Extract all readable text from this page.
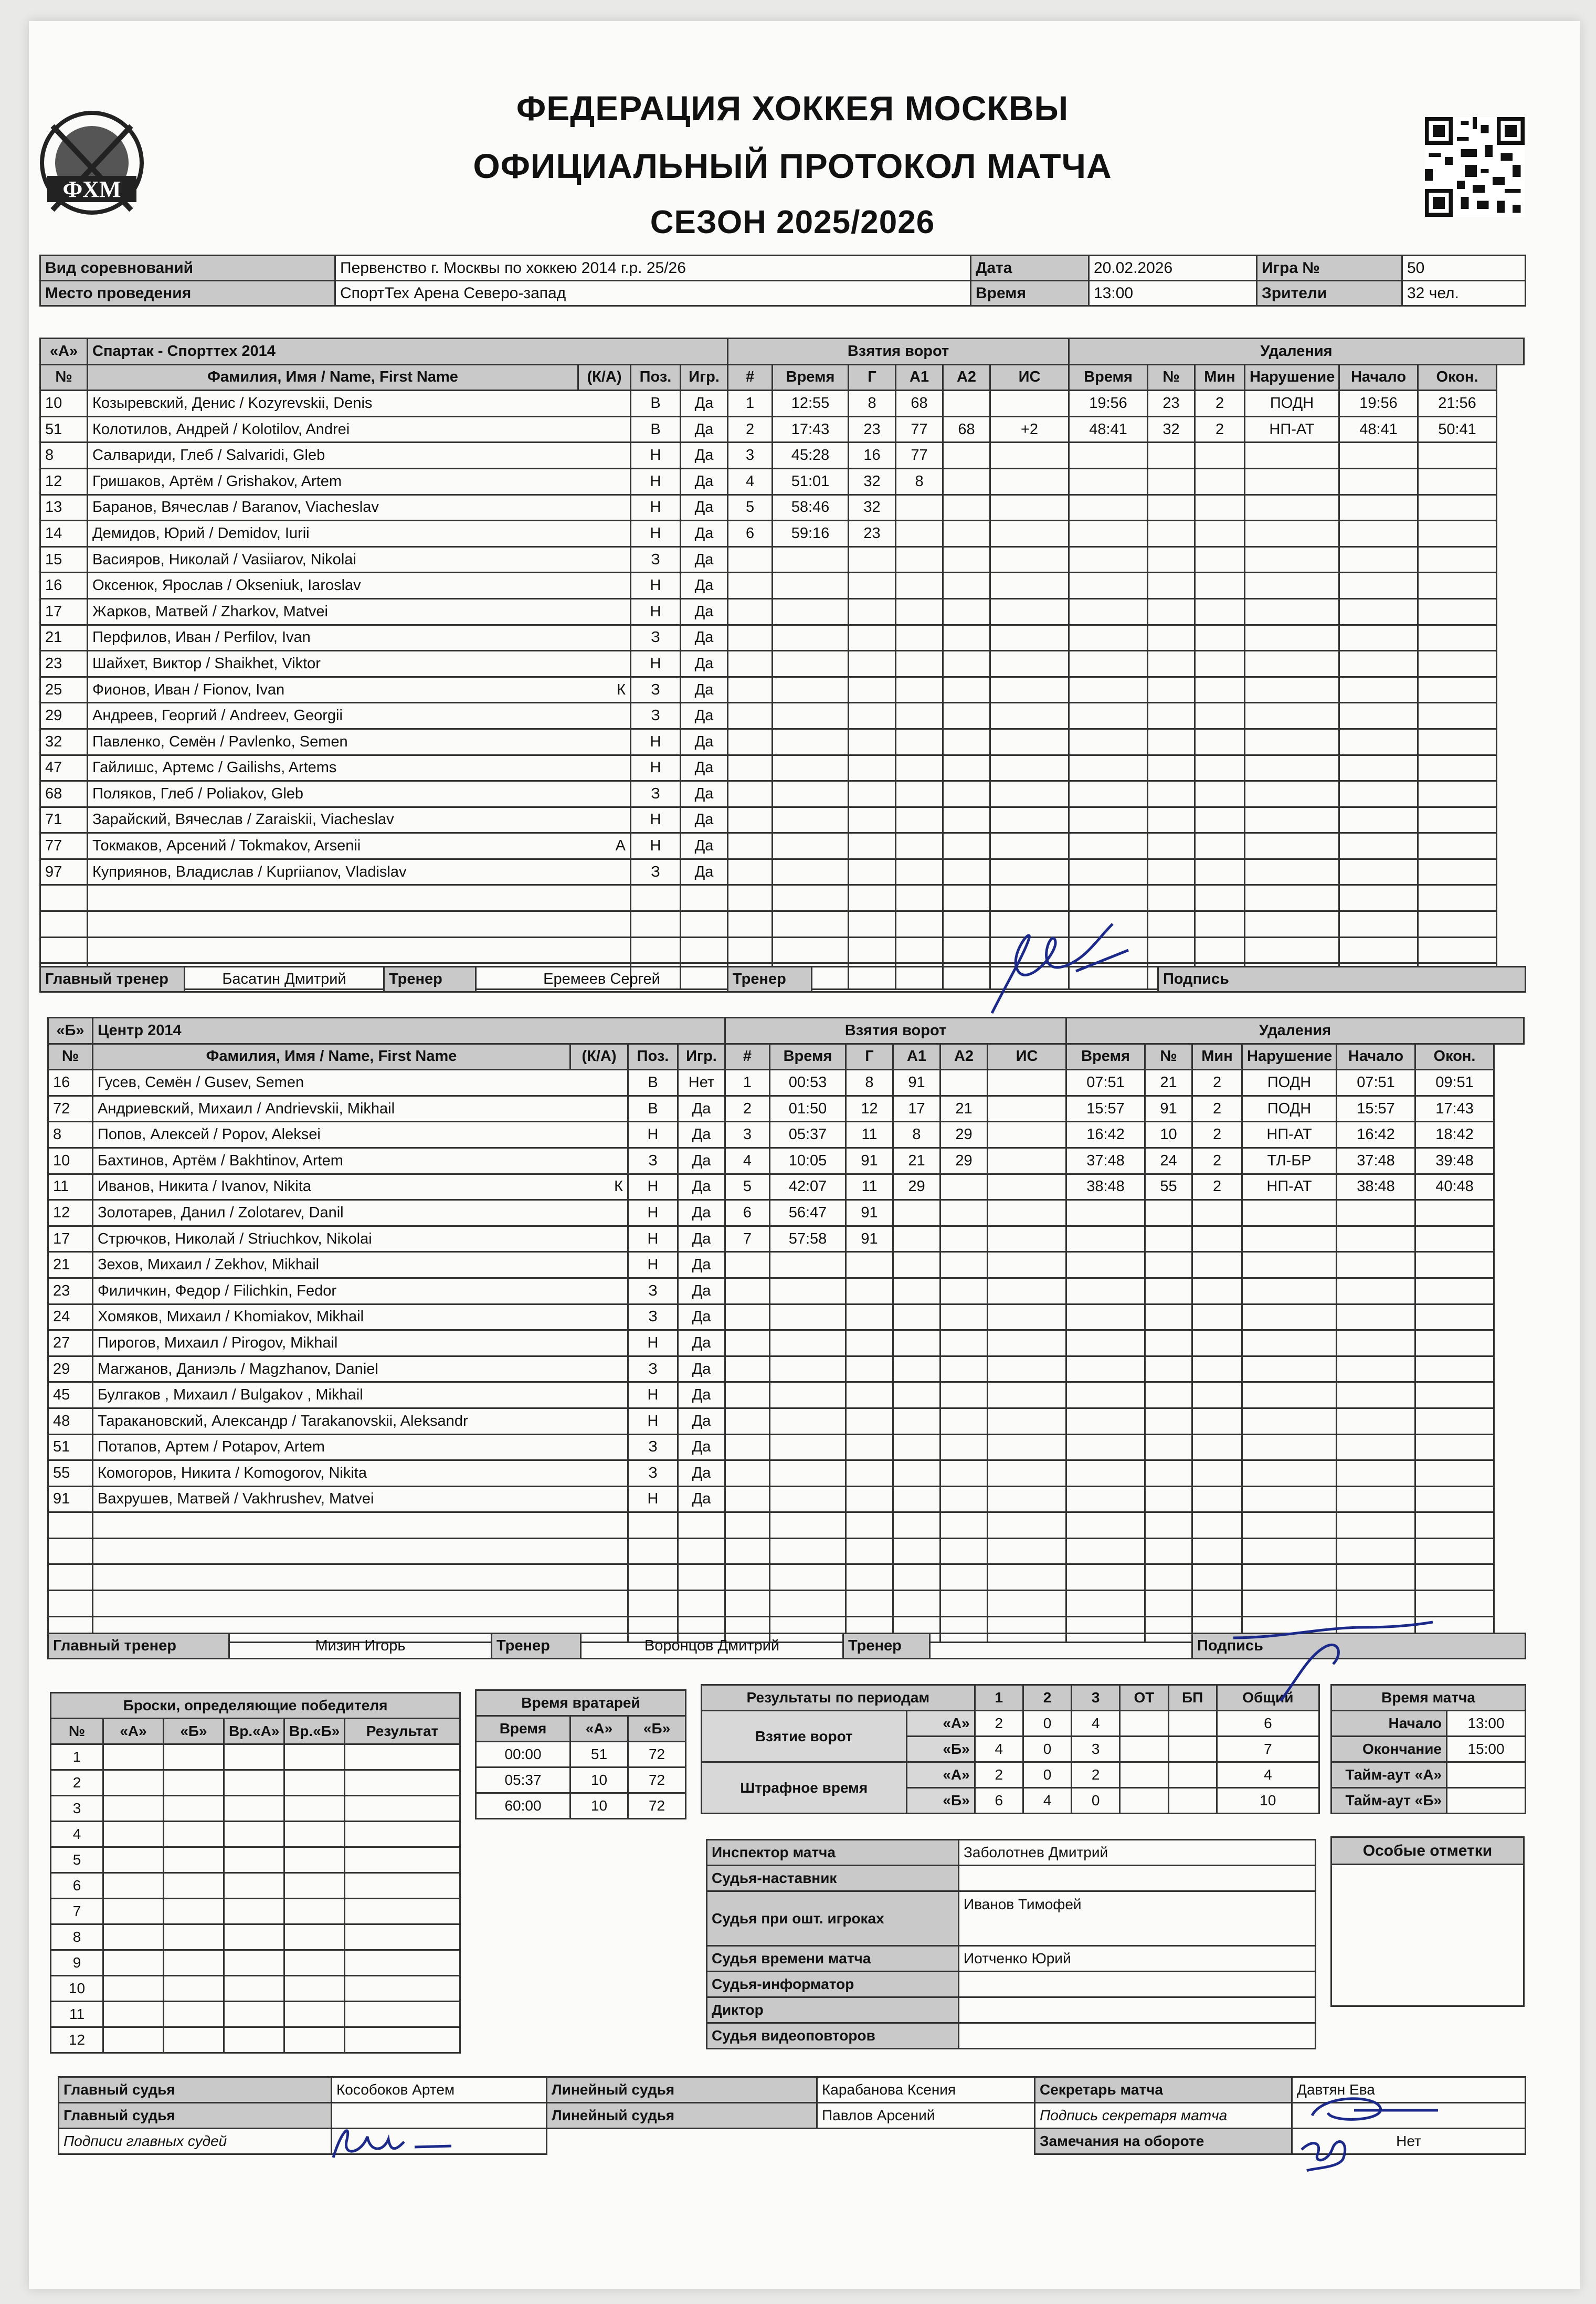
ФХМ
ФЕДЕРАЦИЯ ХОККЕЯ МОСКВЫ
ОФИЦИАЛЬНЫЙ ПРОТОКОЛ МАТЧА
СЕЗОН 2025/2026
Вид соревнований	Первенство г. Москвы по хоккею 2014 г.р. 25/26	Дата	20.02.2026	Игра №	50
Место проведения	СпортТех Арена Северо-запад	Время	13:00	Зрители	32 чел.
«А»	Спартак - Спорттех 2014				Взятия ворот						Удаления					
№	Фамилия, Имя / Name, First Name	(К/А)	Поз.	Игр.	#	Время	Г	А1	А2	ИС	Время	№	Мин	Нарушение	Начало	Окон.
10	Козыревский, Денис / Kozyrevskii, Denis		В	Да	1	12:55	8	68			19:56	23	2	ПОДН	19:56	21:56
51	Колотилов, Андрей / Kolotilov, Andrei		В	Да	2	17:43	23	77	68	+2	48:41	32	2	НП-АТ	48:41	50:41
8	Салвариди, Глеб / Salvaridi, Gleb		Н	Да	3	45:28	16	77								
12	Гришаков, Артём / Grishakov, Artem		Н	Да	4	51:01	32	8								
13	Баранов, Вячеслав / Baranov, Viacheslav		Н	Да	5	58:46	32									
14	Демидов, Юрий / Demidov, Iurii		Н	Да	6	59:16	23									
15	Васияров, Николай / Vasiiarov, Nikolai		З	Да												
16	Оксенюк, Ярослав / Okseniuk, Iaroslav		Н	Да												
17	Жарков, Матвей / Zharkov, Matvei		Н	Да												
21	Перфилов, Иван / Perfilov, Ivan		З	Да												
23	Шайхет, Виктор / Shaikhet, Viktor		Н	Да												
25	Фионов, Иван / Fionov, Ivan	К	З	Да												
29	Андреев, Георгий / Andreev, Georgii		З	Да												
32	Павленко, Семён / Pavlenko, Semen		Н	Да												
47	Гайлишс, Артемс / Gailishs, Artems		Н	Да												
68	Поляков, Глеб / Poliakov, Gleb		З	Да												
71	Зарайский, Вячеслав / Zaraiskii, Viacheslav		Н	Да												
77	Токмаков, Арсений / Tokmakov, Arsenii	А	Н	Да												
97	Куприянов, Владислав / Kupriianov, Vladislav		З	Да												

Главный тренер	Басатин Дмитрий	Тренер	Еремеев Сергей	Тренер		Подпись
«Б»	Центр 2014				Взятия ворот						Удаления					
№	Фамилия, Имя / Name, First Name	(К/А)	Поз.	Игр.	#	Время	Г	А1	А2	ИС	Время	№	Мин	Нарушение	Начало	Окон.
16	Гусев, Семён / Gusev, Semen		В	Нет	1	00:53	8	91			07:51	21	2	ПОДН	07:51	09:51
72	Андриевский, Михаил / Andrievskii, Mikhail		В	Да	2	01:50	12	17	21		15:57	91	2	ПОДН	15:57	17:43
8	Попов, Алексей / Popov, Aleksei		Н	Да	3	05:37	11	8	29		16:42	10	2	НП-АТ	16:42	18:42
10	Бахтинов, Артём / Bakhtinov, Artem		З	Да	4	10:05	91	21	29		37:48	24	2	ТЛ-БР	37:48	39:48
11	Иванов, Никита / Ivanov, Nikita	К	Н	Да	5	42:07	11	29			38:48	55	2	НП-АТ	38:48	40:48
12	Золотарев, Данил / Zolotarev, Danil		Н	Да	6	56:47	91									
17	Стрючков, Николай / Striuchkov, Nikolai		Н	Да	7	57:58	91									
21	Зехов, Михаил / Zekhov, Mikhail		Н	Да												
23	Филичкин, Федор / Filichkin, Fedor		З	Да												
24	Хомяков, Михаил / Khomiakov, Mikhail		З	Да												
27	Пирогов, Михаил / Pirogov, Mikhail		Н	Да												
29	Магжанов, Даниэль / Magzhanov, Daniel		З	Да												
45	Булгаков , Михаил / Bulgakov , Mikhail		Н	Да												
48	Тараканoвский, Александр / Tarakanovskii, Aleksandr		Н	Да												
51	Потапов, Артем / Potapov, Artem		З	Да												
55	Комогоров, Никита / Komogorov, Nikita		З	Да												
91	Вахрушев, Матвей / Vakhrushev, Matvei		Н	Да												

Главный тренер	Мизин Игорь	Тренер	Воронцов Дмитрий	Тренер		Подпись
Броски, определяющие победителя					
№	«А»	«Б»	Вр.«А»	Вр.«Б»	Результат
1					
2					
3					
4					
5					
6					
7					
8					
9					
10					
11					
12					
Время вратарей		
Время	«А»	«Б»
00:00	51	72
05:37	10	72
60:00	10	72
Результаты по периодам		1	2	3	ОТ	БП	Общий
Взятие ворот	«А»	2	0	4			6
	«Б»	4	0	3			7
Штрафное время	«А»	2	0	2			4
	«Б»	6	4	0			10
Время матча	
Начало	13:00
Окончание	15:00
Тайм-аут «А»	
Тайм-аут «Б»	
Инспектор матча	Заболотнев Дмитрий
Судья-наставник	
Судья при ошт. игроках	Иванов Тимофей
Судья времени матча	Иотченко Юрий
Судья-информатор	
Диктор	
Судья видеоповторов	
Особые отметки

Главный судья	Кособоков Артем	Линейный судья	Карабанова Ксения	Секретарь матча	Давтян Ева
Главный судья		Линейный судья	Павлов Арсений	Подпись секретаря матча	
Подписи главных судей				Замечания на обороте	Нет
